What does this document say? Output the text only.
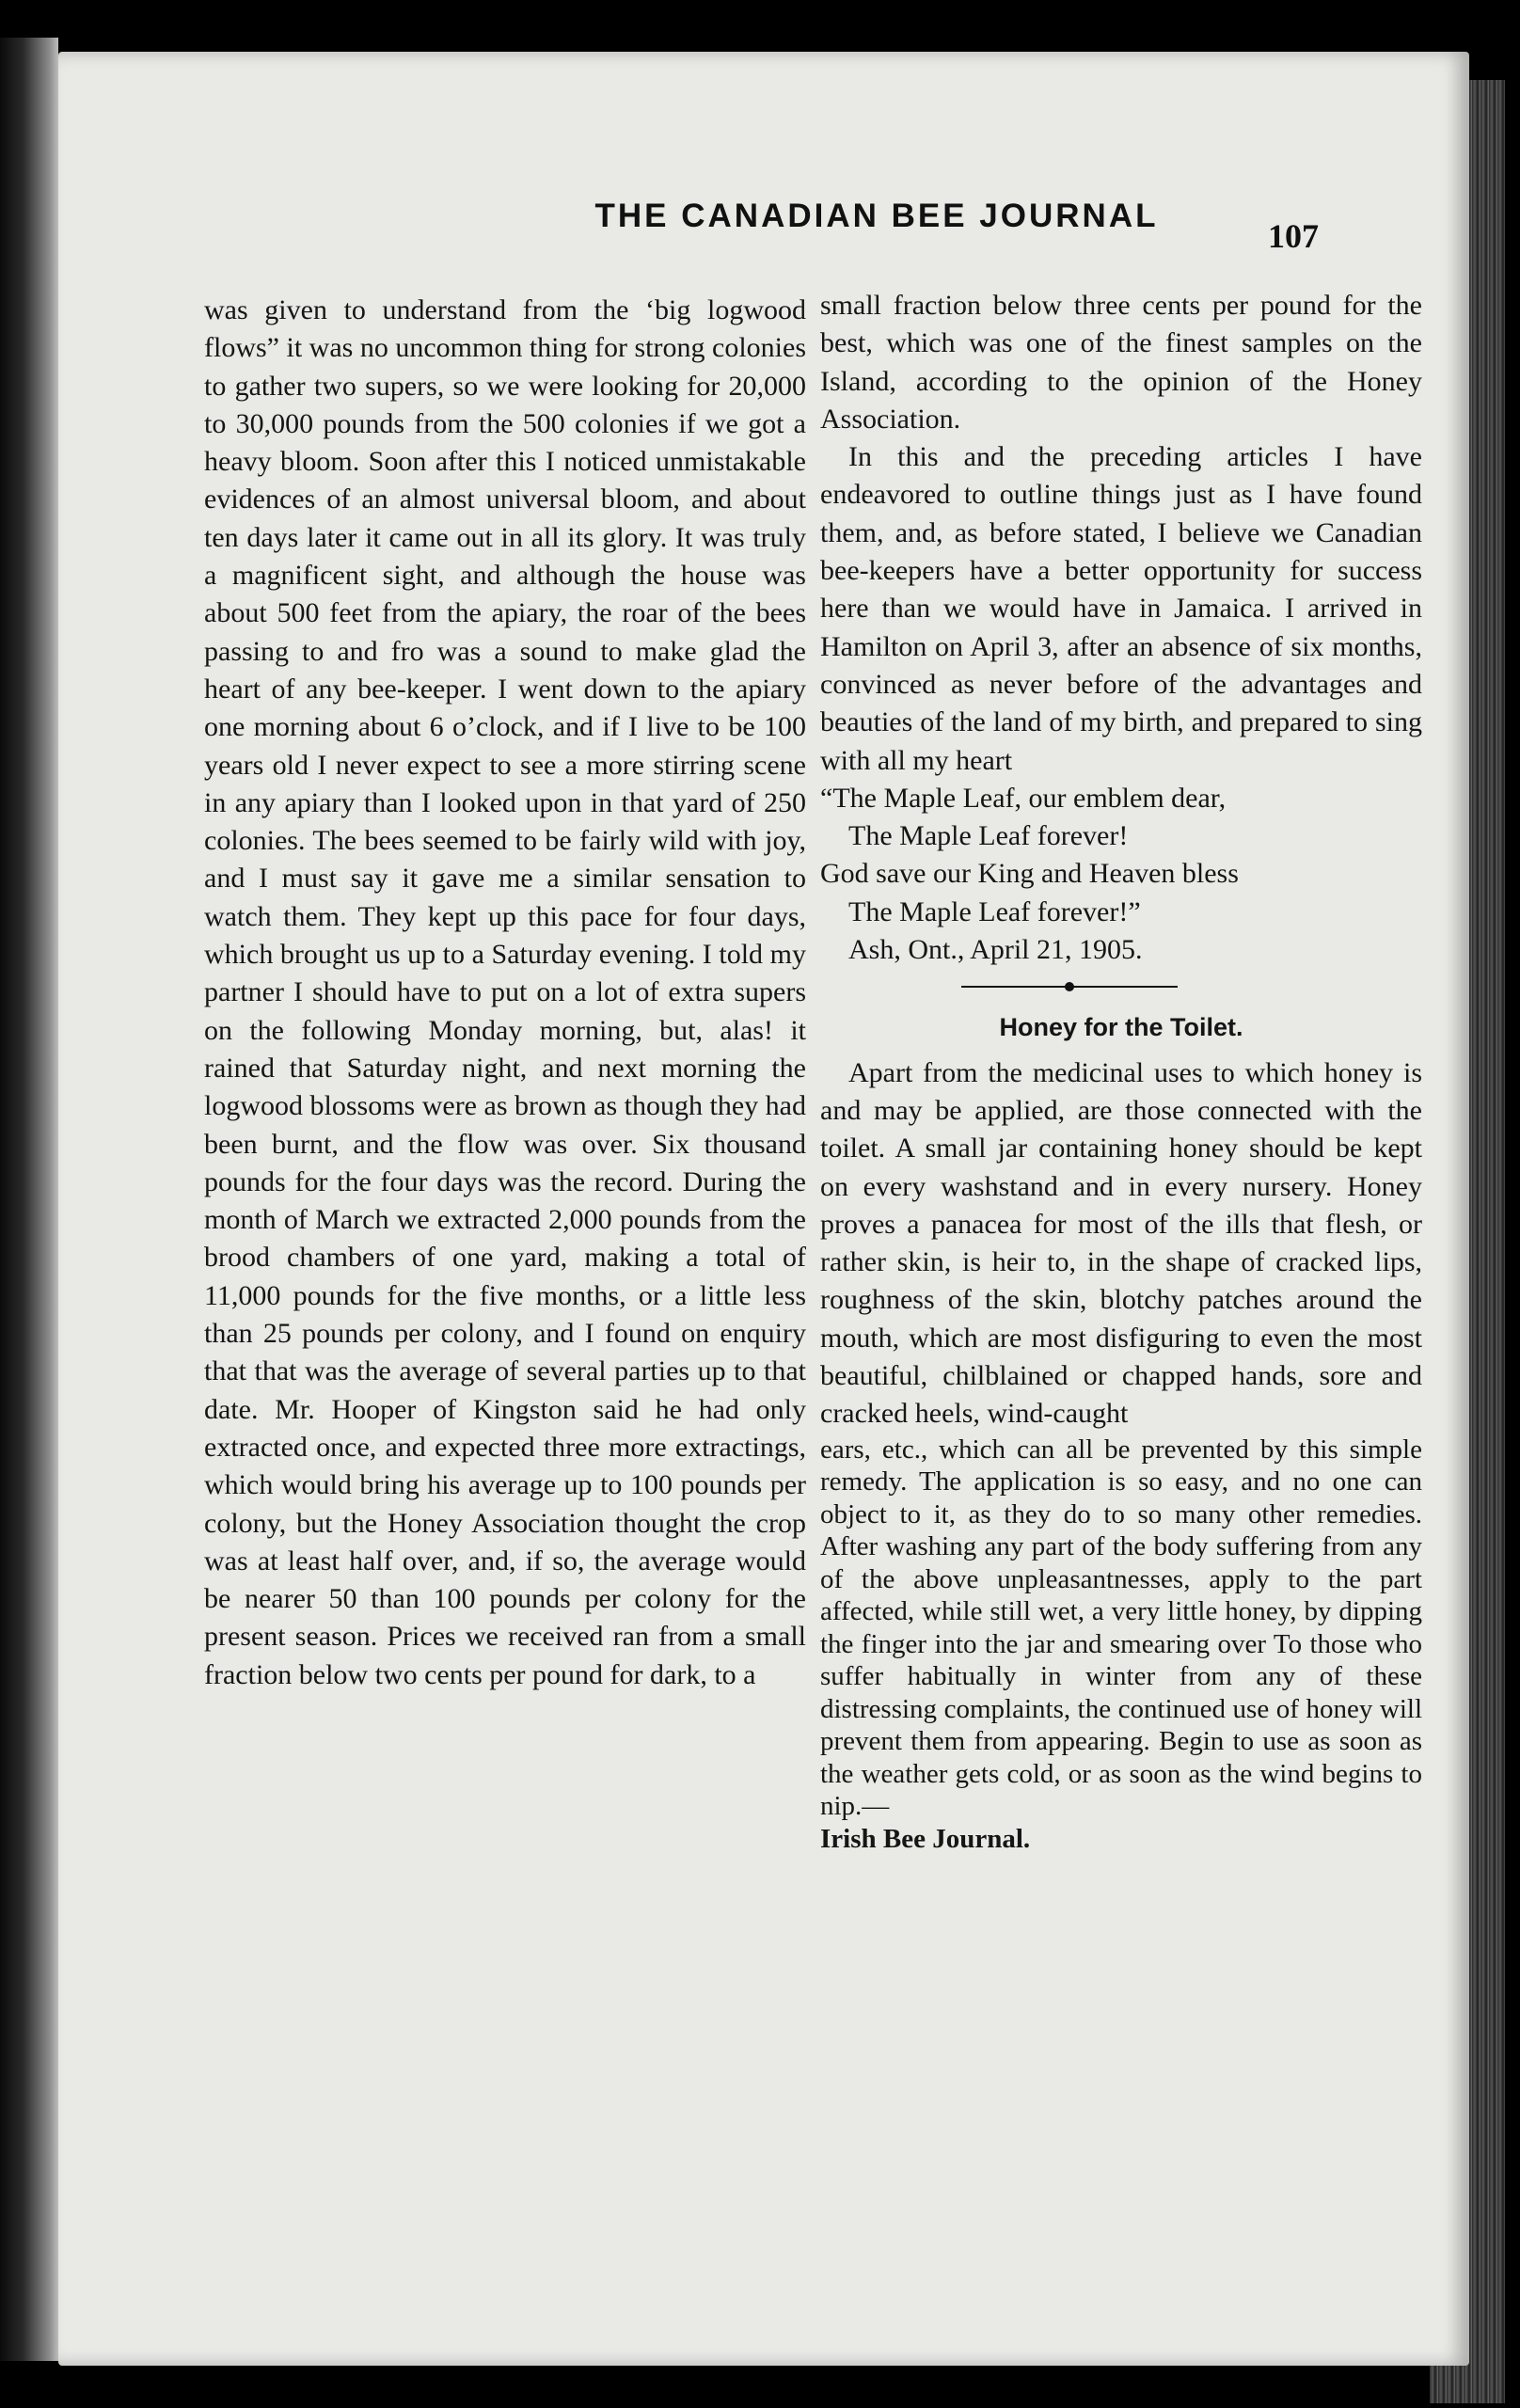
THE CANADIAN BEE JOURNAL
107

was given to understand from the ‘big logwood flows” it was no uncommon thing for strong colonies to gather two supers, so we were looking for 20,000 to 30,000 pounds from the 500 colonies if we got a heavy bloom. Soon after this I noticed unmistakable evidences of an almost universal bloom, and about ten days later it came out in all its glory. It was truly a magnificent sight, and although the house was about 500 feet from the apiary, the roar of the bees passing to and fro was a sound to make glad the heart of any bee-keeper. I went down to the apiary one morning about 6 o’clock, and if I live to be 100 years old I never expect to see a more stirring scene in any apiary than I looked upon in that yard of 250 colonies. The bees seemed to be fairly wild with joy, and I must say it gave me a similar sensation to watch them. They kept up this pace for four days, which brought us up to a Saturday evening. I told my partner I should have to put on a lot of extra supers on the following Monday morning, but, alas! it rained that Saturday night, and next morning the logwood blossoms were as brown as though they had been burnt, and the flow was over. Six thousand pounds for the four days was the record. During the month of March we extracted 2,000 pounds from the brood chambers of one yard, making a total of 11,000 pounds for the five months, or a little less than 25 pounds per colony, and I found on enquiry that that was the average of several parties up to that date. Mr. Hooper of Kingston said he had only extracted once, and expected three more extractings, which would bring his average up to 100 pounds per colony, but the Honey Association thought the crop was at least half over, and, if so, the average would be nearer 50 than 100 pounds per colony for the present season. Prices we received ran from a small fraction below two cents per pound for dark, to a

small fraction below three cents per pound for the best, which was one of the finest samples on the Island, according to the opinion of the Honey Association.

In this and the preceding articles I have endeavored to outline things just as I have found them, and, as before stated, I believe we Canadian bee-keepers have a better opportunity for success here than we would have in Jamaica. I arrived in Hamilton on April 3, after an absence of six months, convinced as never before of the advantages and beauties of the land of my birth, and prepared to sing with all my heart

“The Maple Leaf, our emblem dear,
The Maple Leaf forever!
God save our King and Heaven bless
The Maple Leaf forever!”

Ash, Ont., April 21, 1905.

Honey for the Toilet.

Apart from the medicinal uses to which honey is and may be applied, are those connected with the toilet. A small jar containing honey should be kept on every washstand and in every nursery. Honey proves a panacea for most of the ills that flesh, or rather skin, is heir to, in the shape of cracked lips, roughness of the skin, blotchy patches around the mouth, which are most disfiguring to even the most beautiful, chilblained or chapped hands, sore and cracked heels, wind-caught

ears, etc., which can all be prevented by this simple remedy. The application is so easy, and no one can object to it, as they do to so many other remedies. After washing any part of the body suffering from any of the above unpleasantnesses, apply to the part affected, while still wet, a very little honey, by dipping the finger into the jar and smearing over To those who suffer habitually in winter from any of these distressing complaints, the continued use of honey will prevent them from appearing. Begin to use as soon as the weather gets cold, or as soon as the wind begins to nip.—

Irish Bee Journal.
